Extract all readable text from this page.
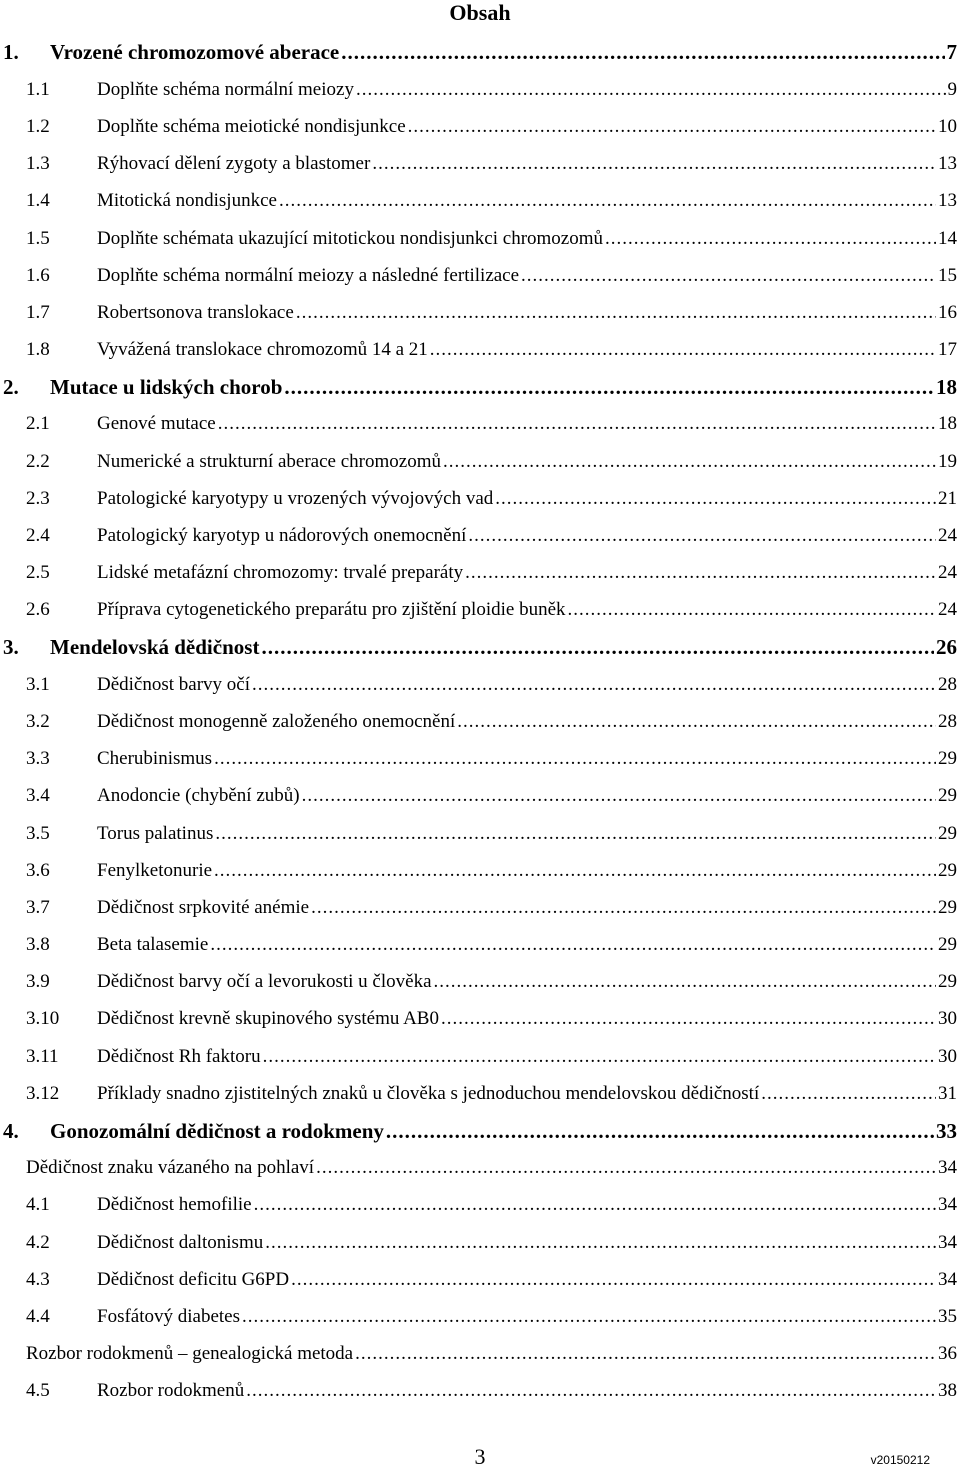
Obsah
1.	Vrozené chromozomové aberace .....	7
1.1	Doplňte schéma normální meiozy .....	9
1.2	Doplňte schéma meiotické nondisjunkce .....	10
1.3	Rýhovací dělení zygoty a blastomer .....	13
1.4	Mitotická nondisjunkce .....	13
1.5	Doplňte schémata ukazující mitotickou nondisjunkci chromozomů .....	14
1.6	Doplňte schéma normální meiozy a následné fertilizace .....	15
1.7	Robertsonova translokace .....	16
1.8	Vyvážená translokace chromozomů 14 a 21 .....	17
2.	Mutace u lidských chorob .....	18
2.1	Genové mutace .....	18
2.2	Numerické a strukturní aberace chromozomů .....	19
2.3	Patologické karyotypy u vrozených vývojových vad .....	21
2.4	Patologický karyotyp u nádorových onemocnění .....	24
2.5	Lidské metafázní chromozomy: trvalé preparáty .....	24
2.6	Příprava cytogenetického preparátu pro zjištění ploidie buněk .....	24
3.	Mendelovská dědičnost .....	26
3.1	Dědičnost barvy očí .....	28
3.2	Dědičnost monogenně založeného onemocnění .....	28
3.3	Cherubinismus .....	29
3.4	Anodoncie (chybění zubů) .....	29
3.5	Torus palatinus .....	29
3.6	Fenylketonurie .....	29
3.7	Dědičnost srpkovité anémie .....	29
3.8	Beta talasemie .....	29
3.9	Dědičnost barvy očí a levorukosti u člověka .....	29
3.10	Dědičnost krevně skupinového systému AB0 .....	30
3.11	Dědičnost Rh faktoru .....	30
3.12	Příklady snadno zjistitelných znaků u člověka s jednoduchou mendelovskou dědičností .....	31
4.	Gonozomální dědičnost a rodokmeny .....	33
Dědičnost znaku vázaného na pohlaví .....	34
4.1	Dědičnost hemofilie .....	34
4.2	Dědičnost daltonismu .....	34
4.3	Dědičnost deficitu G6PD .....	34
4.4	Fosfátový diabetes .....	35
Rozbor rodokmenů – genealogická metoda .....	36
4.5	Rozbor rodokmenů .....	38
3	v20150212
